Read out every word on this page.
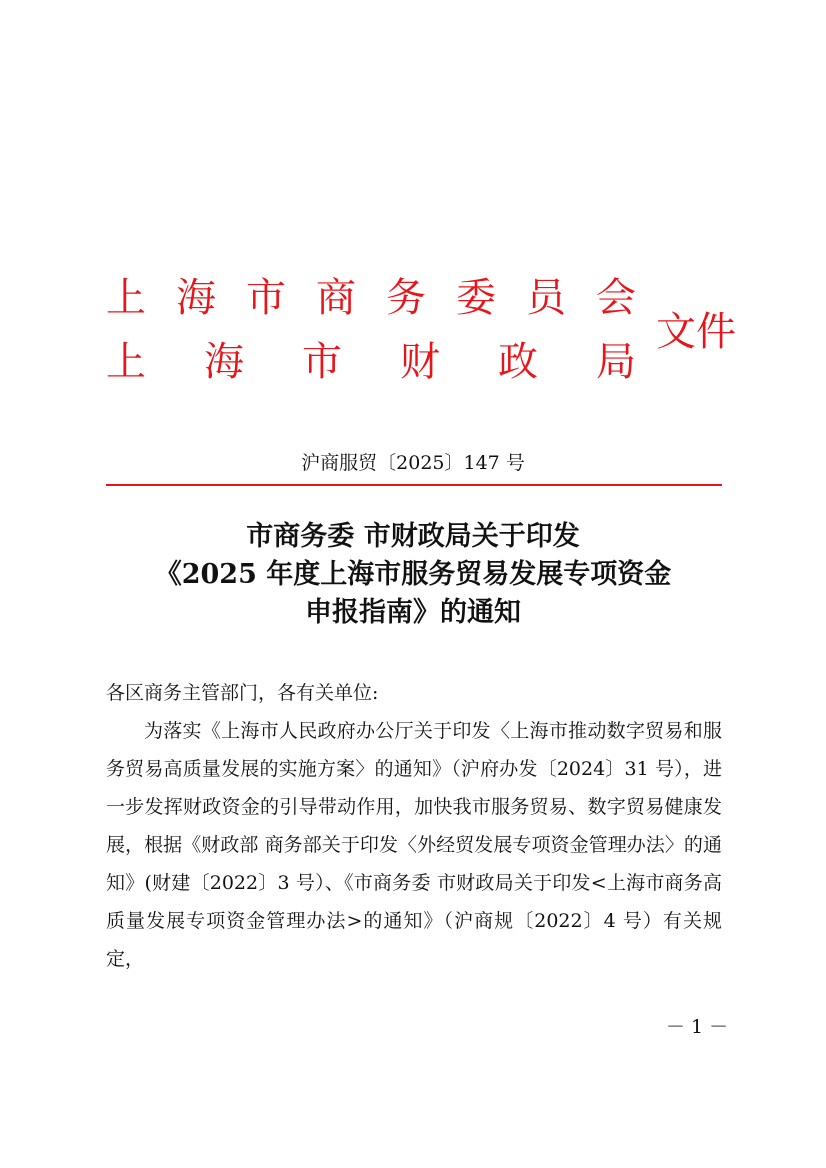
上 海 市 商 务 委 员 会
上 海 市 财 政 局
文件
沪商服贸〔2025〕147 号
市商务委 市财政局关于印发
《2025 年度上海市服务贸易发展专项资金
申报指南》的通知

各区商务主管部门，各有关单位:

为落实《上海市人民政府办公厅关于印发〈上海市推动数字贸易和服务贸易高质量发展的实施方案〉的通知》（沪府办发〔2024〕31 号），进一步发挥财政资金的引导带动作用，加快我市服务贸易、数字贸易健康发展，根据《财政部 商务部关于印发〈外经贸发展专项资金管理办法〉的通知》(财建〔2022〕3 号）、《市商务委 市财政局关于印发<上海市商务高质量发展专项资金管理办法>的通知》（沪商规〔2022〕4 号）有关规定，

－ 1 －
